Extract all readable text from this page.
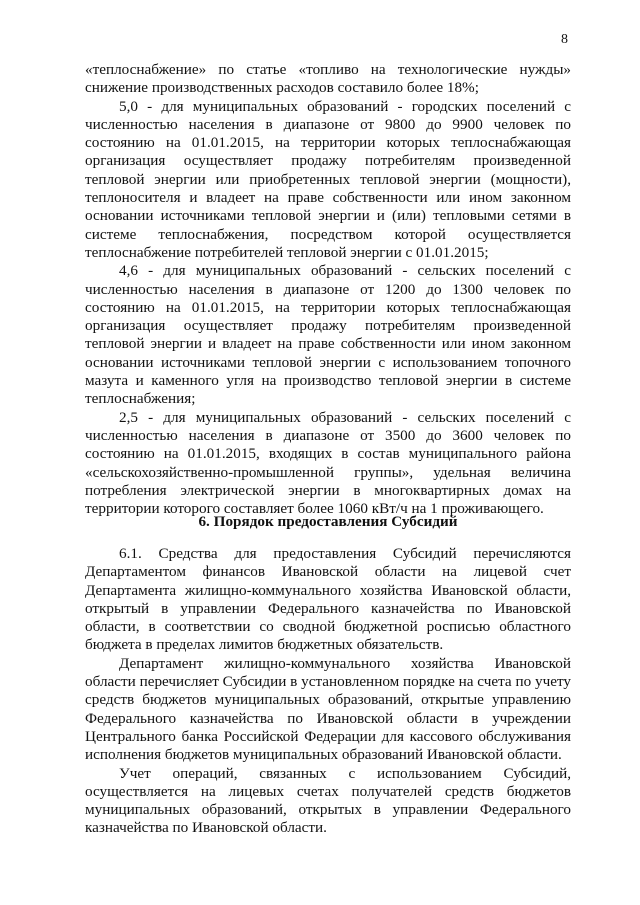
8

«теплоснабжение» по статье «топливо на технологические нужды» снижение производственных расходов составило более 18%;

5,0 - для муниципальных образований - городских поселений с численностью населения в диапазоне от 9800 до 9900 человек по состоянию на 01.01.2015, на территории которых теплоснабжающая организация осуществляет продажу потребителям произведенной тепловой энергии или приобретенных тепловой энергии (мощности), теплоносителя и владеет на праве собственности или ином законном основании источниками тепловой энергии и (или) тепловыми сетями в системе теплоснабжения, посредством которой осуществляется теплоснабжение потребителей тепловой энергии с 01.01.2015;

4,6 - для муниципальных образований - сельских поселений с численностью населения в диапазоне от 1200 до 1300 человек по состоянию на 01.01.2015, на территории которых теплоснабжающая организация осуществляет продажу потребителям произведенной тепловой энергии и владеет на праве собственности или ином законном основании источниками тепловой энергии с использованием топочного мазута и каменного угля на производство тепловой энергии в системе теплоснабжения;

2,5 - для муниципальных образований - сельских поселений с численностью населения в диапазоне от 3500 до 3600 человек по состоянию на 01.01.2015, входящих в состав муниципального района «сельскохозяйственно-промышленной группы», удельная величина потребления электрической энергии в многоквартирных домах на территории которого составляет более 1060 кВт/ч на 1 проживающего.

6. Порядок предоставления Субсидий

6.1. Средства для предоставления Субсидий перечисляются Департаментом финансов Ивановской области на лицевой счет Департамента жилищно-коммунального хозяйства Ивановской области, открытый в управлении Федерального казначейства по Ивановской области, в соответствии со сводной бюджетной росписью областного бюджета в пределах лимитов бюджетных обязательств.

Департамент жилищно-коммунального хозяйства Ивановской области перечисляет Субсидии в установленном порядке на счета по учету средств бюджетов муниципальных образований, открытые управлению Федерального казначейства по Ивановской области в учреждении Центрального банка Российской Федерации для кассового обслуживания исполнения бюджетов муниципальных образований Ивановской области.

Учет операций, связанных с использованием Субсидий, осуществляется на лицевых счетах получателей средств бюджетов муниципальных образований, открытых в управлении Федерального казначейства по Ивановской области.
